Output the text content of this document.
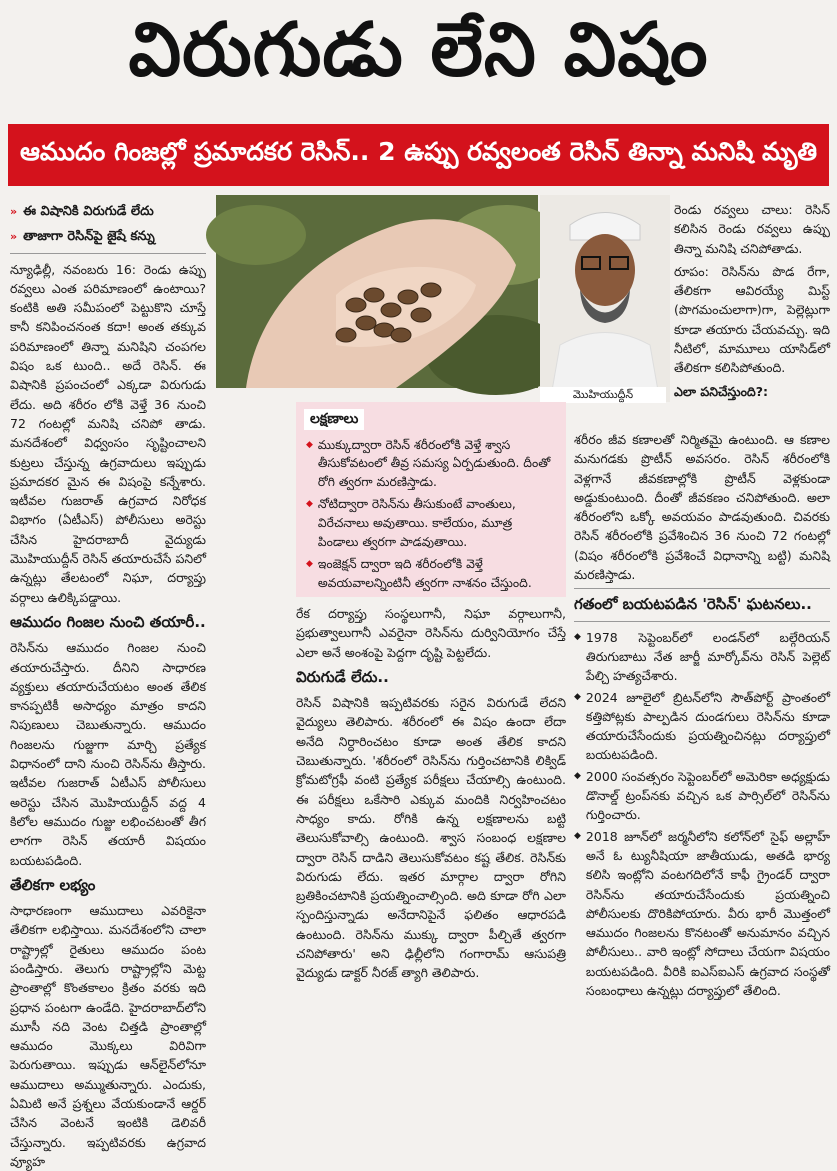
విరుగుడు లేని విషం
ఆముదం గింజల్లో ప్రమాదకర రెసిన్.. 2 ఉప్పు రవ్వలంత రెసిన్ తిన్నా మనిషి మృతి
» ఈ విషానికి విరుగుడే లేదు
» తాజాగా రెసిన్‌పై జైషే కన్ను

న్యూఢిల్లీ, నవంబరు 16: రెండు ఉప్పు రవ్వలు ఎంత పరిమాణంలో ఉంటాయి? కంటికి అతి సమీపంలో పెట్టుకొని చూస్తే కానీ కనిపించనంత కదా! అంత తక్కువ పరిమాణంలో తిన్నా మనిషిని చంపగల విషం ఒక టుంది.. అదే రెసిన్. ఈ విషానికి ప్రపంచంలో ఎక్కడా విరుగుడు లేదు. అది శరీరం లోకి వెళ్తే 36 నుంచి 72 గంటల్లో మనిషి చనిపో తాడు. మనదేశంలో విధ్వంసం సృష్టించాలని కుట్రలు చేస్తున్న ఉగ్రవాదులు ఇప్పుడు ప్రమాదకర మైన ఈ విషంపై కన్నేశారు. ఇటీవల గుజరాత్ ఉగ్రవాద నిరోధక విభాగం (ఏటీఎస్) పోలీసులు అరెస్టు చేసిన హైదరాబాదీ వైద్యుడు మొహియుద్దీన్ రెసిన్ తయారుచేసే పనిలో ఉన్నట్లు తేలటంలో నిఘా, దర్యాప్తు వర్గాలు ఉలిక్కిపడ్డాయి.

ఆముదం గింజల నుంచి తయారీ..

రెసిన్‌ను ఆముదం గింజల నుంచి తయారుచేస్తారు. దీనిని సాధారణ వ్యక్తులు తయారుచేయటం అంత తేలిక కానప్పటికీ అసాధ్యం మాత్రం కాదని నిపుణులు చెబుతున్నారు. ఆముదం గింజలను గుజ్జుగా మార్చి ప్రత్యేక విధానంలో దాని నుంచి రెసిన్‌ను తీస్తారు. ఇటీవల గుజరాత్ ఏటీఎస్ పోలీసులు అరెస్టు చేసిన మొహియుద్దీన్ వద్ద 4 కిలోల ఆముదం గుజ్జు లభించటంతో తీగ లాగగా రెసిన్ తయారీ విషయం బయటపడింది.

తేలికగా లభ్యం

సాధారణంగా ఆముదాలు ఎవరికైనా తేలికగా లభిస్తాయి. మనదేశంలోని చాలా రాష్ట్రాల్లో రైతులు ఆముదం పంట పండిస్తారు. తెలుగు రాష్ట్రాల్లోని మెట్ట ప్రాంతాల్లో కొంతకాలం క్రితం వరకు ఇది ప్రధాన పంటగా ఉండేది. హైదరాబాద్‌లోని మూసీ నది వెంట చిత్తడి ప్రాంతాల్లో ఆముదం మొక్కలు విరివిగా పెరుగుతాయి. ఇప్పుడు ఆన్‌లైన్‌లోనూ ఆముదాలు అమ్ముతున్నారు. ఎందుకు, ఏమిటి అనే ప్రశ్నలు వేయకుండానే ఆర్డర్ చేసిన వెంటనే ఇంటికి డెలివరీ చేస్తున్నారు. ఇప్పటివరకు ఉగ్రవాద వ్యూహ

మొహియుద్దీన్
లక్షణాలు
◆ ముక్కుద్వారా రెసిన్ శరీరంలోకి వెళ్తే శ్వాస తీసుకోవటంలో తీవ్ర సమస్య ఏర్పడుతుంది. దీంతో రోగి త్వరగా మరణిస్తాడు.
◆ నోటిద్వారా రెసిన్‌ను తీసుకుంటే వాంతులు, విరేచనాలు అవుతాయి. కాలేయం, మూత్ర పిండాలు త్వరగా పాడవుతాయి.
◆ ఇంజెక్షన్ ద్వారా ఇది శరీరంలోకి వెళ్తే అవయవాలన్నింటినీ త్వరగా నాశనం చేస్తుంది.

రేక దర్యాప్తు సంస్థలుగానీ, నిఘా వర్గాలుగానీ, ప్రభుత్వాలుగానీ ఎవరైనా రెసిన్‌ను దుర్వినియోగం చేస్తే ఎలా అనే అంశంపై పెద్దగా దృష్టి పెట్టలేదు.

విరుగుడే లేదు..

రెసిన్ విషానికి ఇప్పటివరకు సరైన విరుగుడే లేదని వైద్యులు తెలిపారు. శరీరంలో ఈ విషం ఉందా లేదా అనేది నిర్ధారించటం కూడా అంత తేలిక కాదని చెబుతున్నారు. 'శరీరంలో రెసిన్‌ను గుర్తించటానికి లిక్విడ్ క్రోమటోగ్రఫీ వంటి ప్రత్యేక పరీక్షలు చేయాల్సి ఉంటుంది. ఈ పరీక్షలు ఒకేసారి ఎక్కువ మందికి నిర్వహించటం సాధ్యం కాదు. రోగికి ఉన్న లక్షణాలను బట్టి తెలుసుకోవాల్సి ఉంటుంది. శ్వాస సంబంధ లక్షణాల ద్వారా రెసిన్ దాడిని తెలుసుకోవటం కష్ట తేలిక. రెసిన్‌కు విరుగుడు లేదు. ఇతర మార్గాల ద్వారా రోగిని బ్రతికించటానికి ప్రయత్నించాల్సింది. అది కూడా రోగి ఎలా స్పందిస్తున్నాడు అనేదానిపైనే ఫలితం ఆధారపడి ఉంటుంది. రెసిన్‌ను ముక్కు ద్వారా పీల్చితే త్వరగా చనిపోతారు' అని ఢిల్లీలోని గంగారామ్ ఆసుపత్రి వైద్యుడు డాక్టర్ నీరజ్ త్యాగి తెలిపారు.

రెండు రవ్వలు చాలు: రెసిన్ కలిసిన రెండు రవ్వలు ఉప్పు తిన్నా మనిషి చనిపోతాడు.

రూపం: రెసిన్‌ను పొడ రేగా, తేలికగా ఆవిరయ్యే మిస్ట్ (పొగమంచులాగా)గా, పెల్లెట్లుగా కూడా తయారు చేయవచ్చు. ఇది నీటిలో, మామూలు యాసిడ్‌లో తేలికగా కలిసిపోతుంది.

ఎలా పనిచేస్తుంది?:

శరీరం జీవ కణాలతో నిర్మితమై ఉంటుంది. ఆ కణాల మనుగడకు ప్రొటీన్ అవసరం. రెసిన్ శరీరంలోకి వెళ్లగానే జీవకణాల్లోకి ప్రొటీన్ వెళ్లకుండా అడ్డుకుంటుంది. దీంతో జీవకణం చనిపోతుంది. అలా శరీరంలోని ఒక్కో అవయవం పాడవుతుంది. చివరకు రెసిన్ శరీరంలోకి ప్రవేశించిన 36 నుంచి 72 గంటల్లో (విషం శరీరంలోకి ప్రవేశించే విధానాన్ని బట్టి) మనిషి మరణిస్తాడు.

గతంలో బయటపడిన 'రెసిన్' ఘటనలు..
◆ 1978 సెప్టెంబర్‌లో లండన్‌లో బల్గేరియన్ తిరుగుబాటు నేత జార్జీ మార్కోవ్‌ను రెసిన్ పెల్లెట్ పేల్చి హత్యచేశారు.
◆ 2024 జూలైలో బ్రిటన్‌లోని సౌత్‌పోర్ట్ ప్రాంతంలో కత్తిపోట్లకు పాల్పడిన దుండగులు రెసిన్‌ను కూడా తయారుచేసేందుకు ప్రయత్నించినట్లు దర్యాప్తులో బయటపడింది.
◆ 2000 సంవత్సరం సెప్టెంబర్‌లో అమెరికా అధ్యక్షుడు డొనాల్డ్ ట్రంప్‌నకు వచ్చిన ఒక పార్సిల్‌లో రెసిన్‌ను గుర్తించారు.
◆ 2018 జూన్‌లో జర్మనీలోని కలోన్‌లో సైఫ్ అల్లాహ్ అనే ఓ ట్యునీషియా జాతీయుడు, అతడి భార్య కలిసి ఇంట్లోని వంటగదిలోనే కాఫీ గ్రైండర్ ద్వారా రెసిన్‌ను తయారుచేసేందుకు ప్రయత్నించి పోలీసులకు దొరికిపోయారు. వీరు భారీ మొత్తంలో ఆముదం గింజలను కొనటంతో అనుమానం వచ్చిన పోలీసులు.. వారి ఇంట్లో సోదాలు చేయగా విషయం బయటపడింది. వీరికి ఐఎస్ఐఎస్ ఉగ్రవాద సంస్థతో సంబంధాలు ఉన్నట్లు దర్యాప్తులో తేలింది.
